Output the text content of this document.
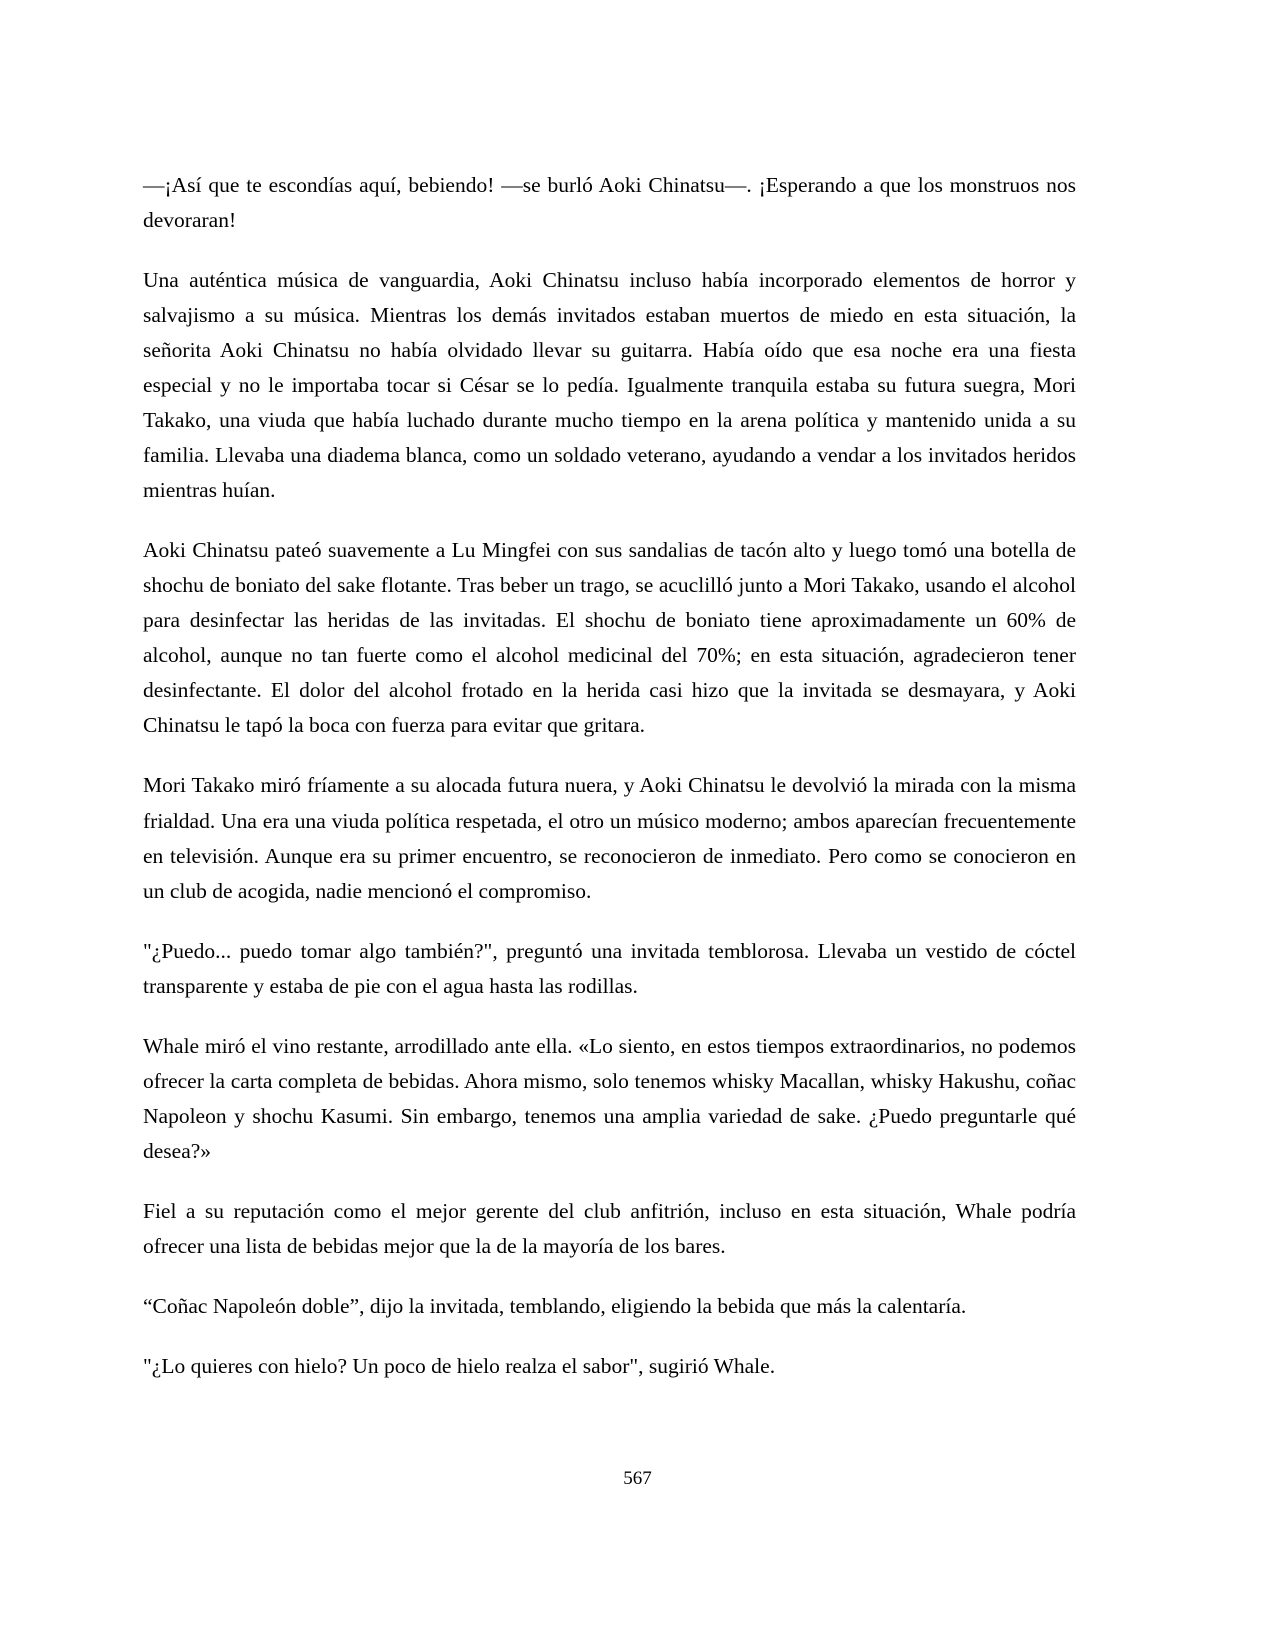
—¡Así que te escondías aquí, bebiendo! —se burló Aoki Chinatsu—. ¡Esperando a que los monstruos nos devoraran!

Una auténtica música de vanguardia, Aoki Chinatsu incluso había incorporado elementos de horror y salvajismo a su música. Mientras los demás invitados estaban muertos de miedo en esta situación, la señorita Aoki Chinatsu no había olvidado llevar su guitarra. Había oído que esa noche era una fiesta especial y no le importaba tocar si César se lo pedía. Igualmente tranquila estaba su futura suegra, Mori Takako, una viuda que había luchado durante mucho tiempo en la arena política y mantenido unida a su familia. Llevaba una diadema blanca, como un soldado veterano, ayudando a vendar a los invitados heridos mientras huían.

Aoki Chinatsu pateó suavemente a Lu Mingfei con sus sandalias de tacón alto y luego tomó una botella de shochu de boniato del sake flotante. Tras beber un trago, se acuclilló junto a Mori Takako, usando el alcohol para desinfectar las heridas de las invitadas. El shochu de boniato tiene aproximadamente un 60% de alcohol, aunque no tan fuerte como el alcohol medicinal del 70%; en esta situación, agradecieron tener desinfectante. El dolor del alcohol frotado en la herida casi hizo que la invitada se desmayara, y Aoki Chinatsu le tapó la boca con fuerza para evitar que gritara.

Mori Takako miró fríamente a su alocada futura nuera, y Aoki Chinatsu le devolvió la mirada con la misma frialdad. Una era una viuda política respetada, el otro un músico moderno; ambos aparecían frecuentemente en televisión. Aunque era su primer encuentro, se reconocieron de inmediato. Pero como se conocieron en un club de acogida, nadie mencionó el compromiso.

"¿Puedo... puedo tomar algo también?", preguntó una invitada temblorosa. Llevaba un vestido de cóctel transparente y estaba de pie con el agua hasta las rodillas.

Whale miró el vino restante, arrodillado ante ella. «Lo siento, en estos tiempos extraordinarios, no podemos ofrecer la carta completa de bebidas. Ahora mismo, solo tenemos whisky Macallan, whisky Hakushu, coñac Napoleon y shochu Kasumi. Sin embargo, tenemos una amplia variedad de sake. ¿Puedo preguntarle qué desea?»

Fiel a su reputación como el mejor gerente del club anfitrión, incluso en esta situación, Whale podría ofrecer una lista de bebidas mejor que la de la mayoría de los bares.

“Coñac Napoleón doble”, dijo la invitada, temblando, eligiendo la bebida que más la calentaría.

"¿Lo quieres con hielo? Un poco de hielo realza el sabor", sugirió Whale.

567
